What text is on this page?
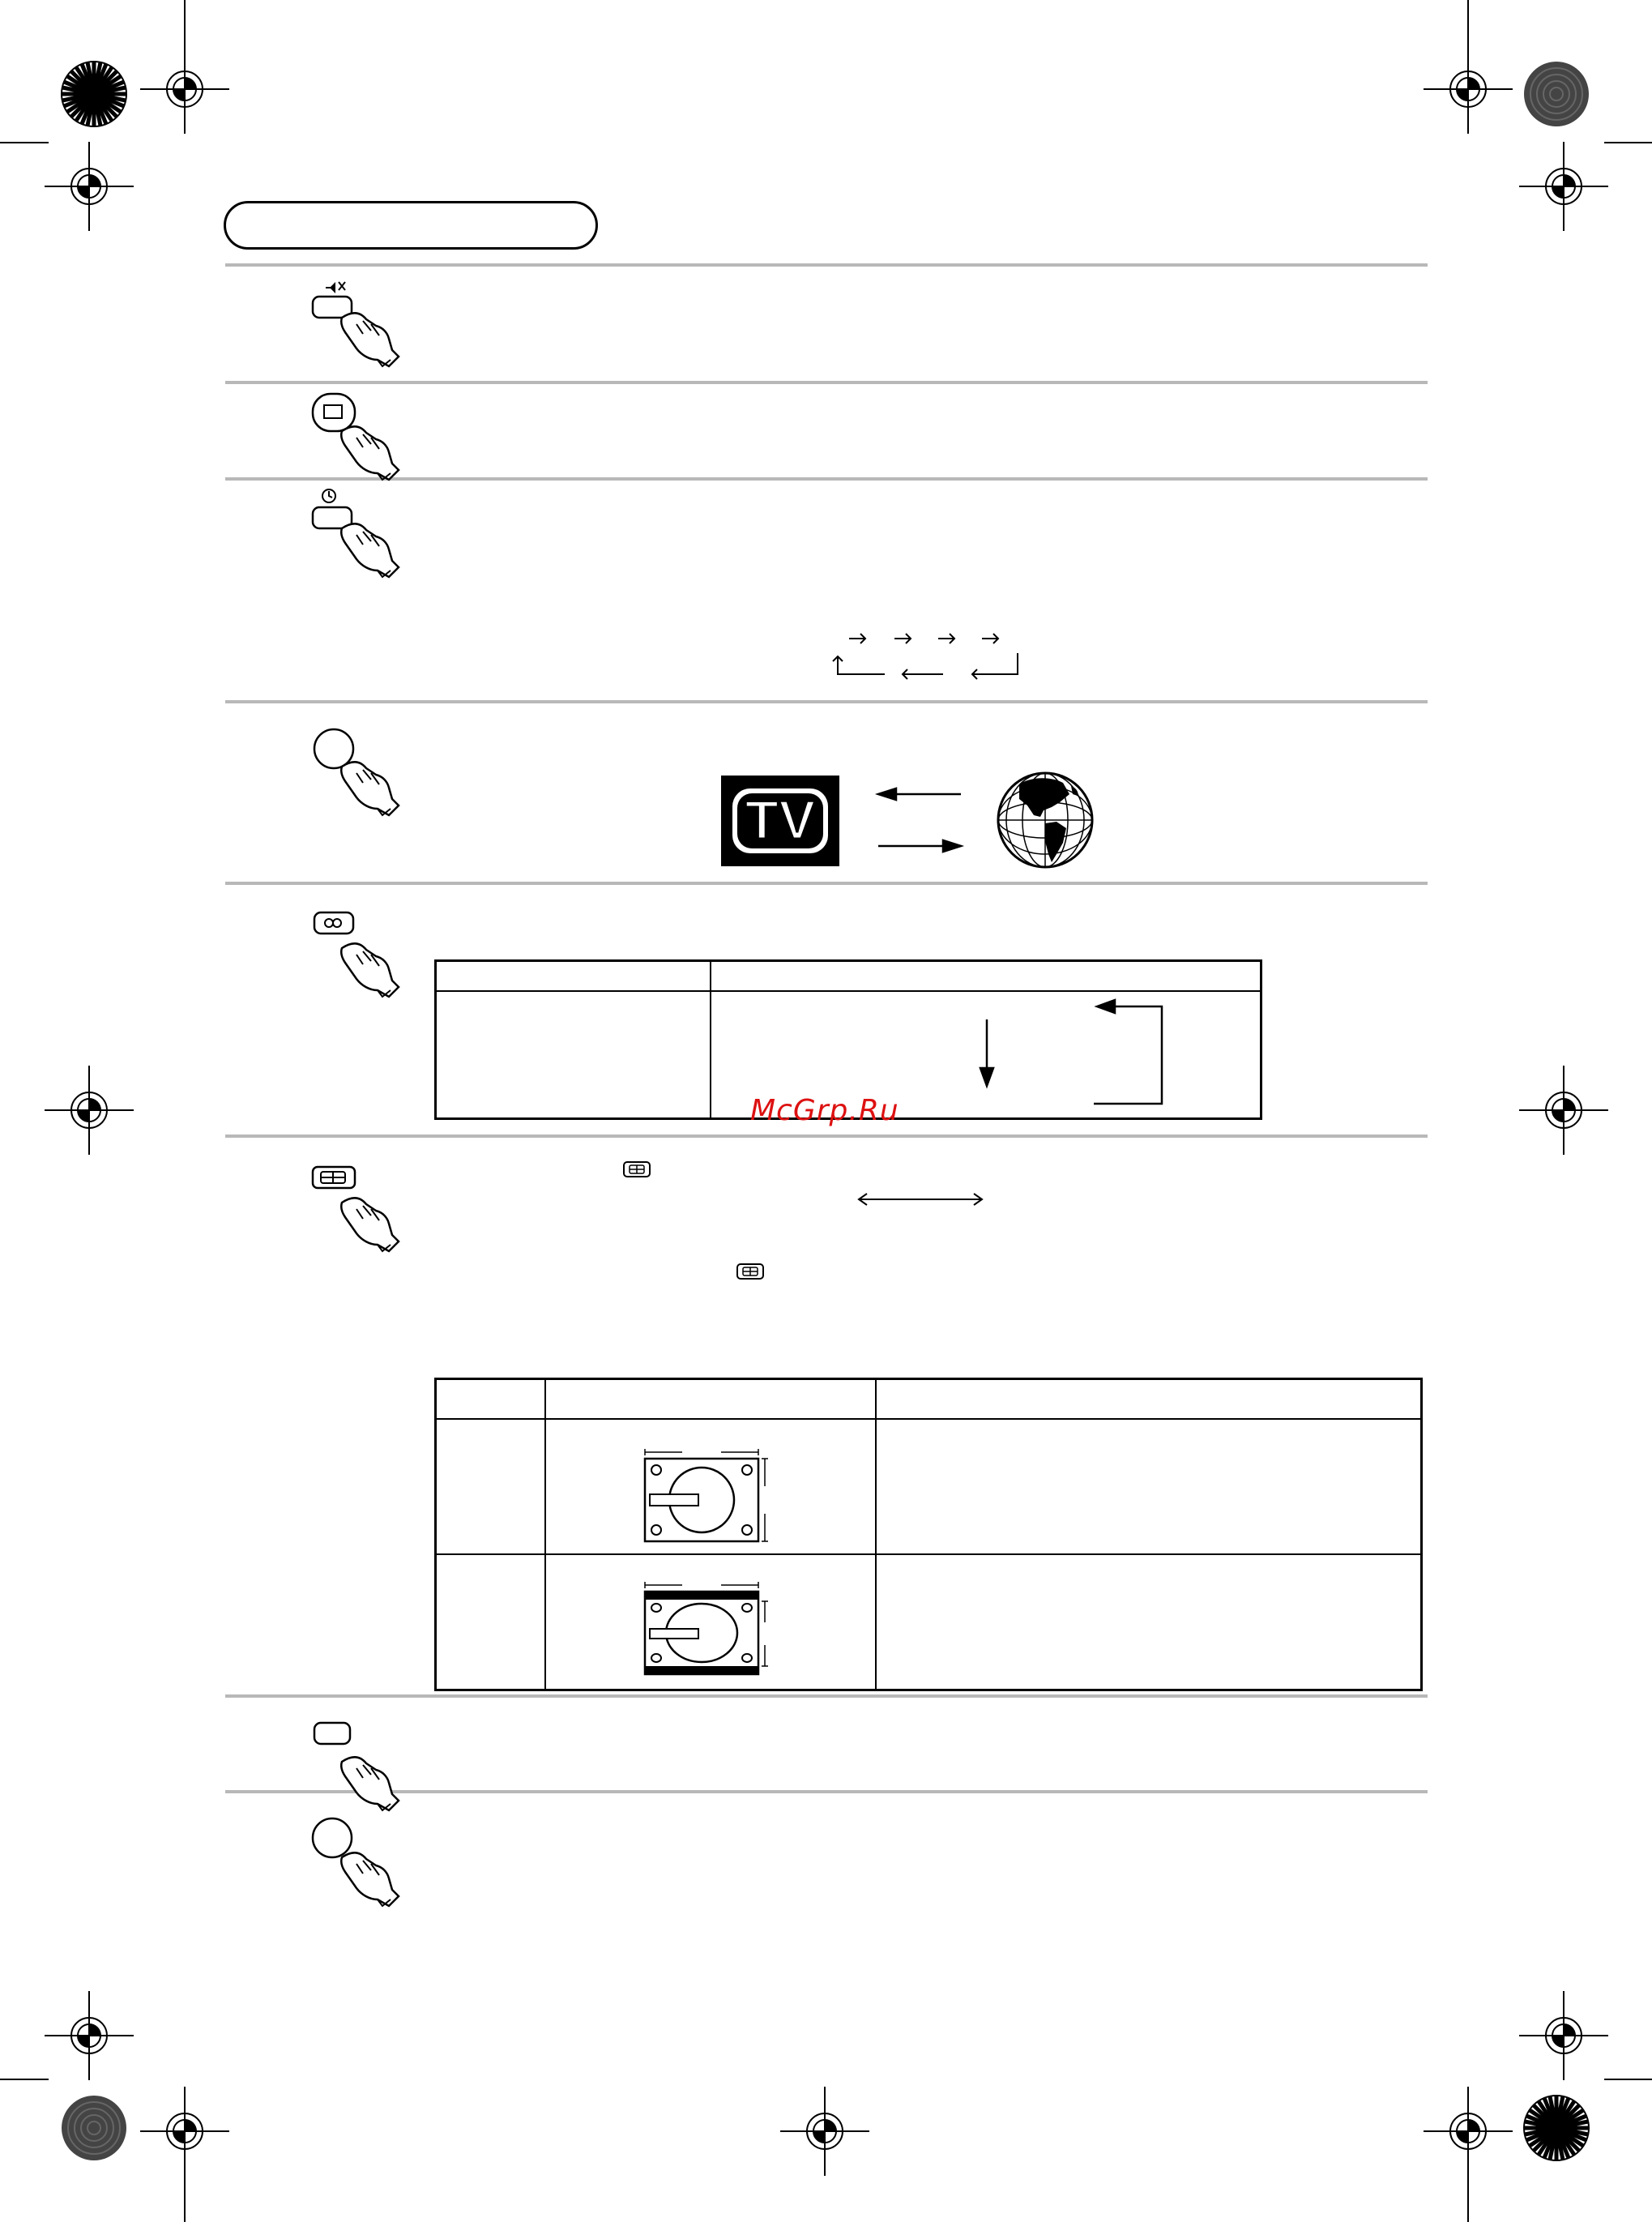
TV
McGrp.Ru
